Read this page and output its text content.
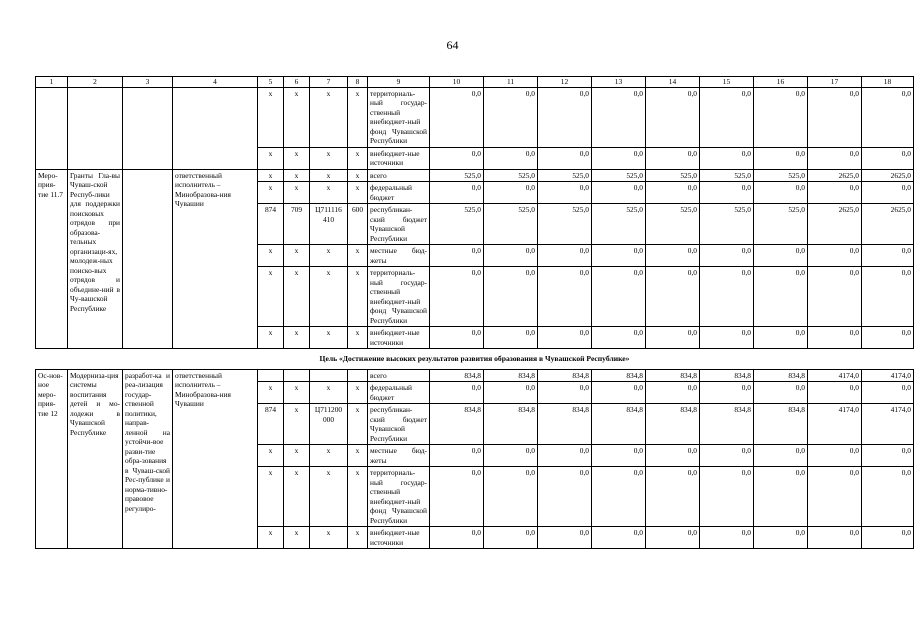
64
1	2	3	4	5	6	7	8	9	10	11	12	13	14	15	16	17	18
				х	х	х	х	территориаль-ный государ-ственный внебюджет-ный фонд Чувашской Республики	0,0	0,0	0,0	0,0	0,0	0,0	0,0	0,0	0,0
				х	х	х	х	внебюджет-ные источники	0,0	0,0	0,0	0,0	0,0	0,0	0,0	0,0	0,0
Меро-прия-тие 11.7	Гранты Гла-вы Чуваш-ской Респуб-лики для поддержки поисковых отрядов при образова-тельных организаци-ях, молодеж-ных поиско-вых отрядов и объедине-ний в Чу-вашской Республике		ответственный исполнитель – Минобразова-ния Чувашии	х	х	х	х	всего	525,0	525,0	525,0	525,0	525,0	525,0	525,0	2625,0	2625,0
				х	х	х	х	федеральный бюджет	0,0	0,0	0,0	0,0	0,0	0,0	0,0	0,0	0,0
				874	709	Ц711116 410	600	республикан-ский бюджет Чувашской Республики	525,0	525,0	525,0	525,0	525,0	525,0	525,0	2625,0	2625,0
				х	х	х	х	местные бюд-жеты	0,0	0,0	0,0	0,0	0,0	0,0	0,0	0,0	0,0
				х	х	х	х	территориаль-ный государ-ственный внебюджет-ный фонд Чувашской Республики	0,0	0,0	0,0	0,0	0,0	0,0	0,0	0,0	0,0
				х	х	х	х	внебюджет-ные источники	0,0	0,0	0,0	0,0	0,0	0,0	0,0	0,0	0,0
Цель «Достижение высоких результатов развития образования в Чувашской Республике»																	
Ос-нов-ное меро-прия-тие 12	Модерниза-ция системы воспитания детей и мо-лодежи в Чувашской Республике	разработ-ка и реа-лизация государ-ственной политики, направ-ленной на устойчи-вое разви-тие обра-зования в Чуваш-ской Рес-публике и норма-тивно-правовое регулиро-	ответственный исполнитель – Минобразова-ния Чувашии					всего	834,8	834,8	834,8	834,8	834,8	834,8	834,8	4174,0	4174,0
				х	х	х	х	федеральный бюджет	0,0	0,0	0,0	0,0	0,0	0,0	0,0	0,0	0,0
				874	х	Ц711200 000	х	республикан-ский бюджет Чувашской Республики	834,8	834,8	834,8	834,8	834,8	834,8	834,8	4174,0	4174,0
				х	х	х	х	местные бюд-жеты	0,0	0,0	0,0	0,0	0,0	0,0	0,0	0,0	0,0
				х	х	х	х	территориаль-ный государ-ственный внебюджет-ный фонд Чувашской Республики	0,0	0,0	0,0	0,0	0,0	0,0	0,0	0,0	0,0
				х	х	х	х	внебюджет-ные источники	0,0	0,0	0,0	0,0	0,0	0,0	0,0	0,0	0,0
